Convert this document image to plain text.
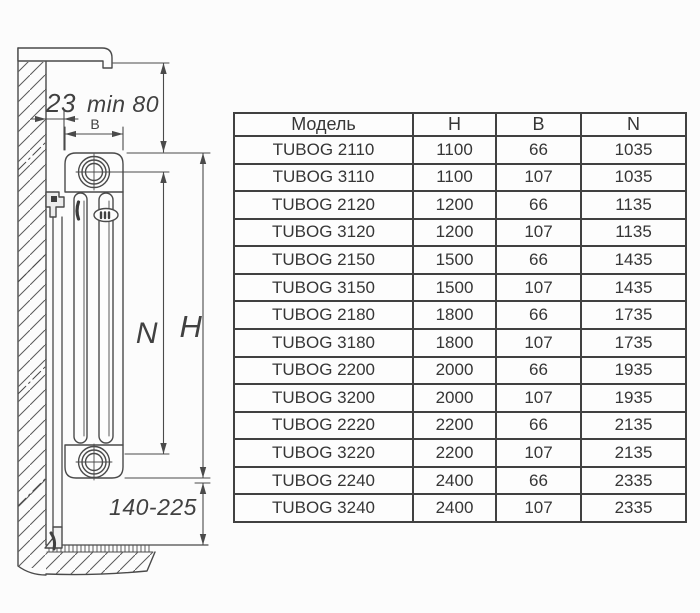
23 min 80
B
N H
140-225
Модель	H	B	N
TUBOG 2110	1100	66	1035
TUBOG 3110	1100	107	1035
TUBOG 2120	1200	66	1135
TUBOG 3120	1200	107	1135
TUBOG 2150	1500	66	1435
TUBOG 3150	1500	107	1435
TUBOG 2180	1800	66	1735
TUBOG 3180	1800	107	1735
TUBOG 2200	2000	66	1935
TUBOG 3200	2000	107	1935
TUBOG 2220	2200	66	2135
TUBOG 3220	2200	107	2135
TUBOG 2240	2400	66	2335
TUBOG 3240	2400	107	2335
